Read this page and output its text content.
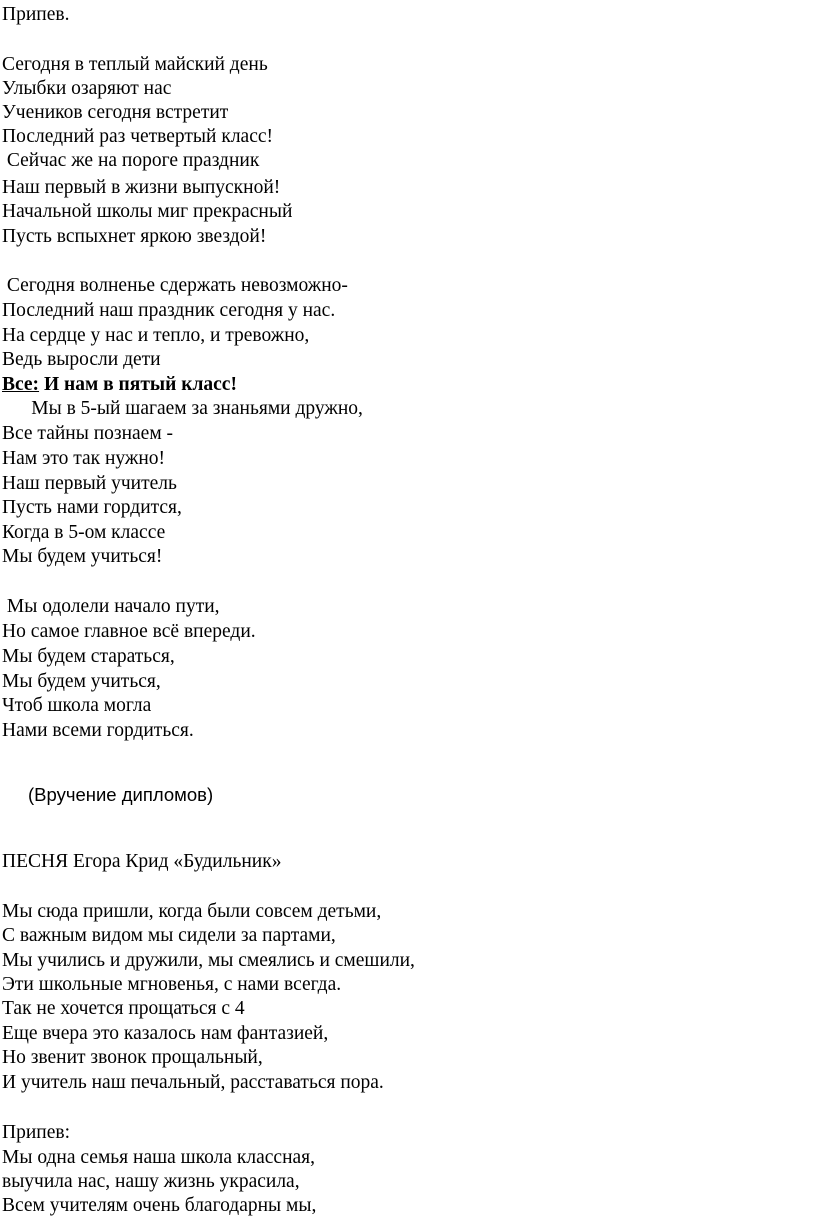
Припев.

Сегодня в теплый майский день

Улыбки озаряют нас

Учеников сегодня встретит

Последний раз четвертый класс!

Сейчас же на пороге праздник

Наш первый в жизни выпускной!

Начальной школы миг прекрасный

Пусть вспыхнет яркою звездой!

Сегодня волненье сдержать невозможно-

Последний наш праздник сегодня у нас.

На сердце у нас и тепло, и тревожно,

Ведь выросли дети

Все: И нам в пятый класс!

Мы в 5-ый шагаем за знаньями дружно,

Все тайны познаем -

Нам это так нужно!

Наш первый учитель

Пусть нами гордится,

Когда в 5-ом классе

Мы будем учиться!

Мы одолели начало пути,

Но самое главное всё впереди.

Мы будем стараться,

Мы будем учиться,

Чтоб школа могла

Нами всеми гордиться.

(Вручение дипломов)

ПЕСНЯ Егора Крид «Будильник»

Мы сюда пришли, когда были совсем детьми,

С важным видом мы сидели за партами,

Мы учились и дружили, мы смеялись и смешили,

Эти школьные мгновенья, с нами всегда.

Так не хочется прощаться с 4

Еще вчера это казалось нам фантазией,

Но звенит звонок прощальный,

И учитель наш печальный, расставаться пора.

Припев:

Мы одна семья наша школа классная,

выучила нас, нашу жизнь украсила,

Всем учителям очень благодарны мы,
